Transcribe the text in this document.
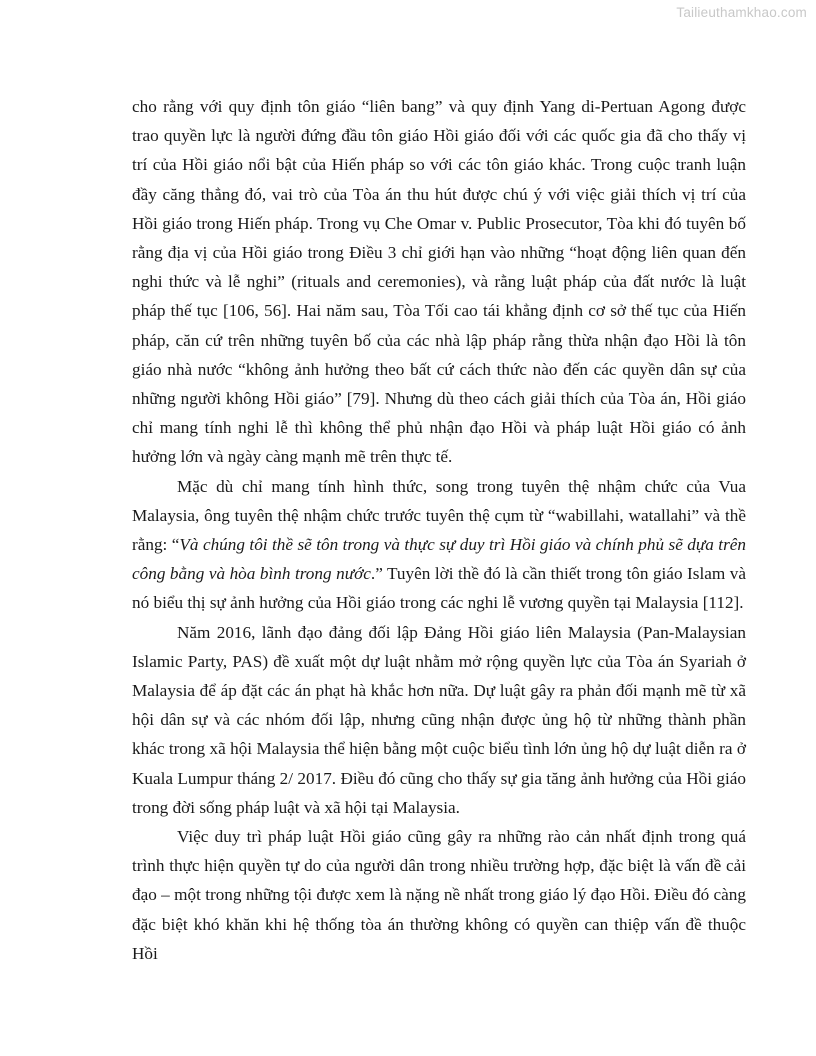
Tailieuthamkhao.com

cho rằng với quy định tôn giáo “liên bang” và quy định Yang di-Pertuan Agong được trao quyền lực là người đứng đầu tôn giáo Hồi giáo đối với các quốc gia đã cho thấy vị trí của Hồi giáo nổi bật của Hiến pháp so với các tôn giáo khác. Trong cuộc tranh luận đầy căng thẳng đó, vai trò của Tòa án thu hút được chú ý với việc giải thích vị trí của Hồi giáo trong Hiến pháp. Trong vụ Che Omar v. Public Prosecutor, Tòa khi đó tuyên bố rằng địa vị của Hồi giáo trong Điều 3 chỉ giới hạn vào những “hoạt động liên quan đến nghi thức và lễ nghi” (rituals and ceremonies), và rằng luật pháp của đất nước là luật pháp thế tục [106, 56]. Hai năm sau, Tòa Tối cao tái khẳng định cơ sở thế tục của Hiến pháp, căn cứ trên những tuyên bố của các nhà lập pháp rằng thừa nhận đạo Hồi là tôn giáo nhà nước “không ảnh hưởng theo bất cứ cách thức nào đến các quyền dân sự của những người không Hồi giáo” [79]. Nhưng dù theo cách giải thích của Tòa án, Hồi giáo chỉ mang tính nghi lễ thì không thể phủ nhận đạo Hồi và pháp luật Hồi giáo có ảnh hưởng lớn và ngày càng mạnh mẽ trên thực tế.

Mặc dù chỉ mang tính hình thức, song trong tuyên thệ nhậm chức của Vua Malaysia, ông tuyên thệ nhậm chức trước tuyên thệ cụm từ “wabillahi, watallahi” và thề rằng: “Và chúng tôi thề sẽ tôn trong và thực sự duy trì Hồi giáo và chính phủ sẽ dựa trên công bằng và hòa bình trong nước.” Tuyên lời thề đó là cần thiết trong tôn giáo Islam và nó biểu thị sự ảnh hưởng của Hồi giáo trong các nghi lễ vương quyền tại Malaysia [112].

Năm 2016, lãnh đạo đảng đối lập Đảng Hồi giáo liên Malaysia (Pan-Malaysian Islamic Party, PAS) đề xuất một dự luật nhằm mở rộng quyền lực của Tòa án Syariah ở Malaysia để áp đặt các án phạt hà khắc hơn nữa. Dự luật gây ra phản đối mạnh mẽ từ xã hội dân sự và các nhóm đối lập, nhưng cũng nhận được ủng hộ từ những thành phần khác trong xã hội Malaysia thể hiện bằng một cuộc biểu tình lớn ủng hộ dự luật diễn ra ở Kuala Lumpur tháng 2/ 2017. Điều đó cũng cho thấy sự gia tăng ảnh hưởng của Hồi giáo trong đời sống pháp luật và xã hội tại Malaysia.

Việc duy trì pháp luật Hồi giáo cũng gây ra những rào cản nhất định trong quá trình thực hiện quyền tự do của người dân trong nhiều trường hợp, đặc biệt là vấn đề cải đạo – một trong những tội được xem là nặng nề nhất trong giáo lý đạo Hồi. Điều đó càng đặc biệt khó khăn khi hệ thống tòa án thường không có quyền can thiệp vấn đề thuộc Hồi
